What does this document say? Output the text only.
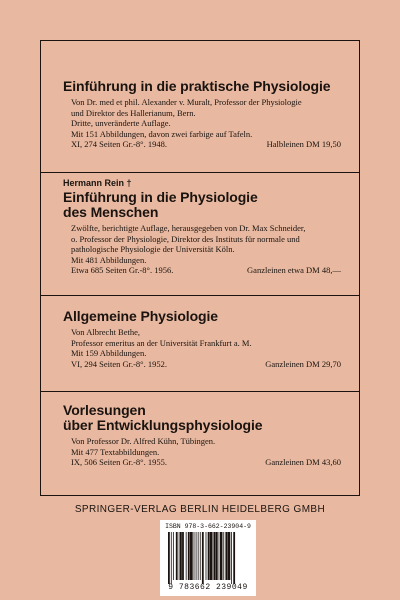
Einführung in die praktische Physiologie
Von Dr. med et phil. Alexander v. Muralt, Professor der Physiologie
und Direktor des Hallerianum, Bern.
Dritte, unveränderte Auflage.
Mit 151 Abbildungen, davon zwei farbige auf Tafeln.
XI, 274 Seiten Gr.-8°. 1948.	Halbleinen DM 19,50
Hermann Rein †
Einführung in die Physiologie
des Menschen
Zwölfte, berichtigte Auflage, herausgegeben von Dr. Max Schneider,
o. Professor der Physiologie, Direktor des Instituts für normale und
pathologische Physiologie der Universität Köln.
Mit 481 Abbildungen.
Etwa 685 Seiten Gr.-8°. 1956.	Ganzleinen etwa DM 48,—
Allgemeine Physiologie
Von Albrecht Bethe,
Professor emeritus an der Universität Frankfurt a. M.
Mit 159 Abbildungen.
VI, 294 Seiten Gr.-8°. 1952.	Ganzleinen DM 29,70
Vorlesungen
über Entwicklungsphysiologie
Von Professor Dr. Alfred Kühn, Tübingen.
Mit 477 Textabbildungen.
IX, 506 Seiten Gr.-8°. 1955.	Ganzleinen DM 43,60
SPRINGER-VERLAG BERLIN HEIDELBERG GMBH
ISBN 978-3-662-23904-9
9 783662 239049
